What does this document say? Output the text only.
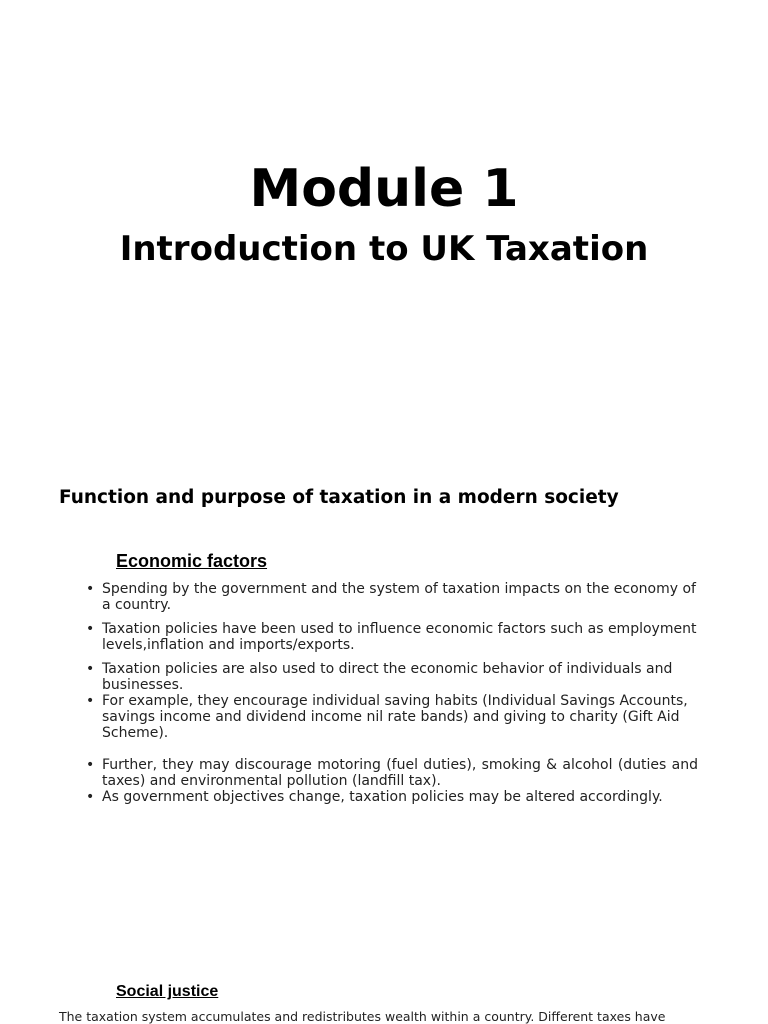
Module 1
Introduction to UK Taxation
Function and purpose of taxation in a modern society
Economic factors
• Spending by the government and the system of taxation impacts on the economy of a country.
• Taxation policies have been used to influence economic factors such as employment levels,inflation and imports/exports.
• Taxation policies are also used to direct the economic behavior of individuals and businesses.
• For example, they encourage individual saving habits (Individual Savings Accounts, savings income and dividend income nil rate bands) and giving to charity (Gift Aid Scheme).
• Further, they may discourage motoring (fuel duties), smoking & alcohol (duties and taxes) and environmental pollution (landfill tax).
• As government objectives change, taxation policies may be altered accordingly.
Social justice

The taxation system accumulates and redistributes wealth within a country. Different taxes have
